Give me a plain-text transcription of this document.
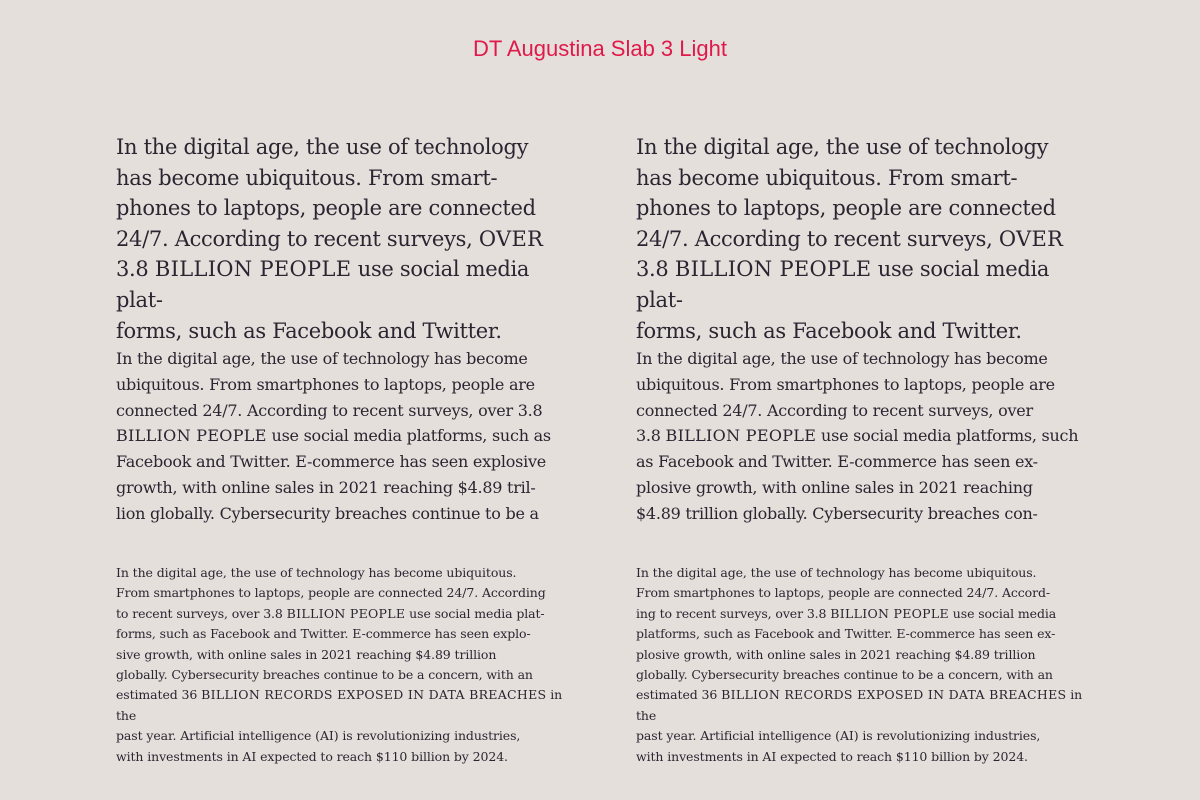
DT Augustina Slab 3 Light

In the digital age, the use of technology

has become ubiquitous. From smart-

phones to laptops, people are connected

24/7. According to recent surveys, OVER

3.8 BILLION PEOPLE use social media plat-

forms, such as Facebook and Twitter.

In the digital age, the use of technology has become

ubiquitous. From smartphones to laptops, people are

connected 24/7. According to recent surveys, over 3.8

BILLION PEOPLE use social media platforms, such as

Facebook and Twitter. E-commerce has seen explosive

growth, with online sales in 2021 reaching $4.89 tril-

lion globally. Cybersecurity breaches continue to be a

In the digital age, the use of technology has become ubiquitous.

From smartphones to laptops, people are connected 24/7. According

to recent surveys, over 3.8 BILLION PEOPLE use social media plat-

forms, such as Facebook and Twitter. E-commerce has seen explo-

sive growth, with online sales in 2021 reaching $4.89 trillion

globally. Cybersecurity breaches continue to be a concern, with an

estimated 36 BILLION RECORDS EXPOSED IN DATA BREACHES in the

past year. Artificial intelligence (AI) is revolutionizing industries,

with investments in AI expected to reach $110 billion by 2024.

In the digital age, the use of technology

has become ubiquitous. From smart-

phones to laptops, people are connected

24/7. According to recent surveys, OVER

3.8 BILLION PEOPLE use social media plat-

forms, such as Facebook and Twitter.

In the digital age, the use of technology has become

ubiquitous. From smartphones to laptops, people are

connected 24/7. According to recent surveys, over

3.8 BILLION PEOPLE use social media platforms, such

as Facebook and Twitter. E-commerce has seen ex-

plosive growth, with online sales in 2021 reaching

$4.89 trillion globally. Cybersecurity breaches con-

In the digital age, the use of technology has become ubiquitous.

From smartphones to laptops, people are connected 24/7. Accord-

ing to recent surveys, over 3.8 BILLION PEOPLE use social media

platforms, such as Facebook and Twitter. E-commerce has seen ex-

plosive growth, with online sales in 2021 reaching $4.89 trillion

globally. Cybersecurity breaches continue to be a concern, with an

estimated 36 BILLION RECORDS EXPOSED IN DATA BREACHES in the

past year. Artificial intelligence (AI) is revolutionizing industries,

with investments in AI expected to reach $110 billion by 2024.
